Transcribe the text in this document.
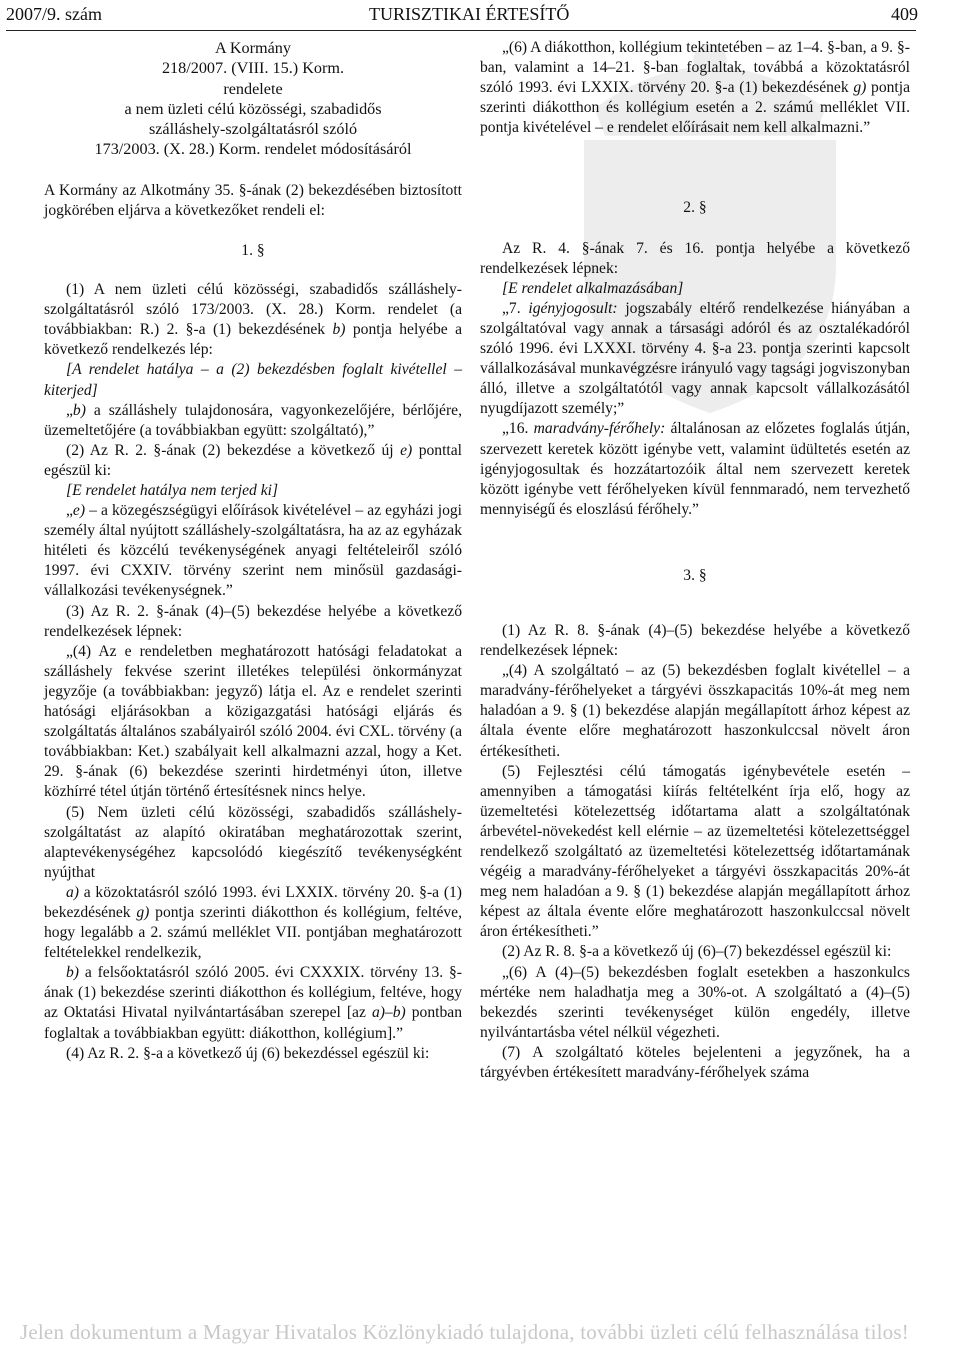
2007/9. szám	TURISZTIKAI ÉRTESÍTŐ	409
A Kormány
218/2007. (VIII. 15.) Korm.
rendelete
a nem üzleti célú közösségi, szabadidős
szálláshely-szolgáltatásról szóló
173/2003. (X. 28.) Korm. rendelet módosításáról

A Kormány az Alkotmány 35. §-ának (2) bekezdésében biztosított jogkörében eljárva a következőket rendeli el:

1. §

(1) A nem üzleti célú közösségi, szabadidős szálláshely-szolgáltatásról szóló 173/2003. (X. 28.) Korm. rendelet (a továbbiakban: R.) 2. §-a (1) bekezdésének b) pontja helyébe a következő rendelkezés lép:

[A rendelet hatálya – a (2) bekezdésben foglalt kivétellel – kiterjed]

„b) a szálláshely tulajdonosára, vagyonkezelőjére, bérlőjére, üzemeltetőjére (a továbbiakban együtt: szolgáltató),”

(2) Az R. 2. §-ának (2) bekezdése a következő új e) ponttal egészül ki:

[E rendelet hatálya nem terjed ki]

„e) – a közegészségügyi előírások kivételével – az egyházi jogi személy által nyújtott szálláshely-szolgáltatásra, ha az az egyházak hitéleti és közcélú tevékenységének anyagi feltételeiről szóló 1997. évi CXXIV. törvény szerint nem minősül gazdasági-vállalkozási tevékenységnek.”

(3) Az R. 2. §-ának (4)–(5) bekezdése helyébe a következő rendelkezések lépnek:

„(4) Az e rendeletben meghatározott hatósági feladatokat a szálláshely fekvése szerint illetékes települési önkormányzat jegyzője (a továbbiakban: jegyző) látja el. Az e rendelet szerinti hatósági eljárásokban a közigazgatási hatósági eljárás és szolgáltatás általános szabályairól szóló 2004. évi CXL. törvény (a továbbiakban: Ket.) szabályait kell alkalmazni azzal, hogy a Ket. 29. §-ának (6) bekezdése szerinti hirdetményi úton, illetve közhírré tétel útján történő értesítésnek nincs helye.

(5) Nem üzleti célú közösségi, szabadidős szálláshely-szolgáltatást az alapító okiratában meghatározottak szerint, alaptevékenységéhez kapcsolódó kiegészítő tevékenységként nyújthat

a) a közoktatásról szóló 1993. évi LXXIX. törvény 20. §-a (1) bekezdésének g) pontja szerinti diákotthon és kollégium, feltéve, hogy legalább a 2. számú melléklet VII. pontjában meghatározott feltételekkel rendelkezik,

b) a felsőoktatásról szóló 2005. évi CXXXIX. törvény 13. §-ának (1) bekezdése szerinti diákotthon és kollégium, feltéve, hogy az Oktatási Hivatal nyilvántartásában szerepel [az a)–b) pontban foglaltak a továbbiakban együtt: diákotthon, kollégium].”

(4) Az R. 2. §-a a következő új (6) bekezdéssel egészül ki:

„(6) A diákotthon, kollégium tekintetében – az 1–4. §-ban, a 9. §-ban, valamint a 14–21. §-ban foglaltak, továbbá a közoktatásról szóló 1993. évi LXXIX. törvény 20. §-a (1) bekezdésének g) pontja szerinti diákotthon és kollégium esetén a 2. számú melléklet VII. pontja kivételével – e rendelet előírásait nem kell alkalmazni.”

2. §

Az R. 4. §-ának 7. és 16. pontja helyébe a következő rendelkezések lépnek:

[E rendelet alkalmazásában]

„7. igényjogosult: jogszabály eltérő rendelkezése hiányában a szolgáltatóval vagy annak a társasági adóról és az osztalékadóról szóló 1996. évi LXXXI. törvény 4. §-a 23. pontja szerinti kapcsolt vállalkozásával munkavégzésre irányuló vagy tagsági jogviszonyban álló, illetve a szolgáltatótól vagy annak kapcsolt vállalkozásától nyugdíjazott személy;”

„16. maradvány-férőhely: általánosan az előzetes foglalás útján, szervezett keretek között igénybe vett, valamint üdültetés esetén az igényjogosultak és hozzátartozóik által nem szervezett keretek között igénybe vett férőhelyeken kívül fennmaradó, nem tervezhető mennyiségű és eloszlású férőhely.”

3. §

(1) Az R. 8. §-ának (4)–(5) bekezdése helyébe a következő rendelkezések lépnek:

„(4) A szolgáltató – az (5) bekezdésben foglalt kivétellel – a maradvány-férőhelyeket a tárgyévi összkapacitás 10%-át meg nem haladóan a 9. § (1) bekezdése alapján megállapított árhoz képest az általa évente előre meghatározott haszonkulccsal növelt áron értékesítheti.

(5) Fejlesztési célú támogatás igénybevétele esetén – amennyiben a támogatási kiírás feltételként írja elő, hogy az üzemeltetési kötelezettség időtartama alatt a szolgáltatónak árbevétel-növekedést kell elérnie – az üzemeltetési kötelezettséggel rendelkező szolgáltató az üzemeltetési kötelezettség időtartamának végéig a maradvány-férőhelyeket a tárgyévi összkapacitás 20%-át meg nem haladóan a 9. § (1) bekezdése alapján megállapított árhoz képest az általa évente előre meghatározott haszonkulccsal növelt áron értékesítheti.”

(2) Az R. 8. §-a a következő új (6)–(7) bekezdéssel egészül ki:

„(6) A (4)–(5) bekezdésben foglalt esetekben a haszonkulcs mértéke nem haladhatja meg a 30%-ot. A szolgáltató a (4)–(5) bekezdés szerinti tevékenységet külön engedély, illetve nyilvántartásba vétel nélkül végezheti.

(7) A szolgáltató köteles bejelenteni a jegyzőnek, ha a tárgyévben értékesített maradvány-férőhelyek száma

Jelen dokumentum a Magyar Hivatalos Közlönykiadó tulajdona, további üzleti célú felhasználása tilos!
